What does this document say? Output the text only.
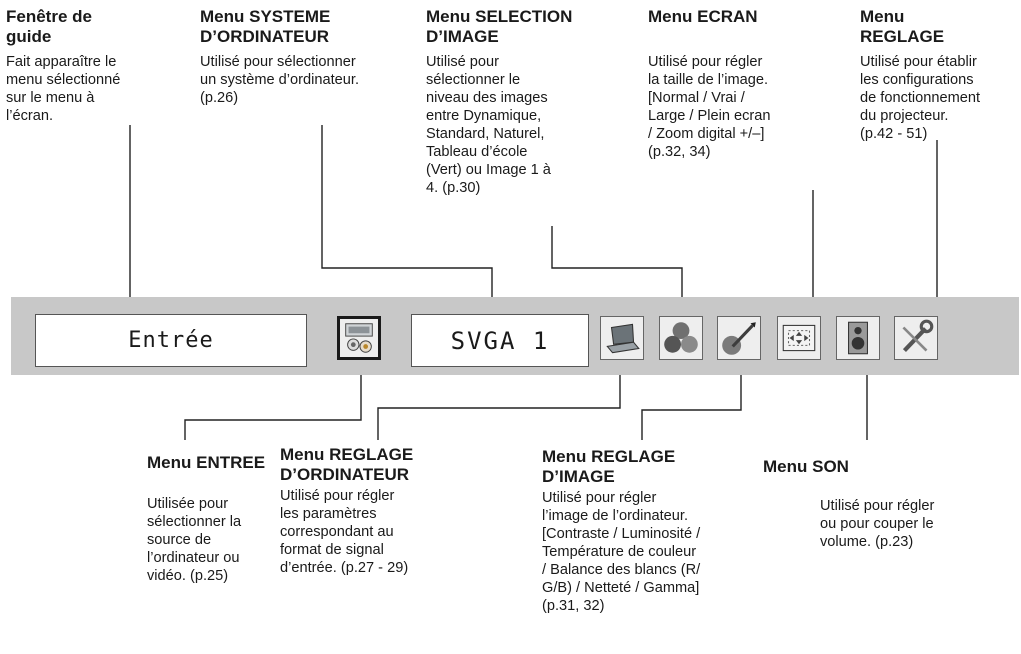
Fenêtre de
guide
Fait apparaître le
menu sélectionné
sur le menu à
l’écran.
Menu SYSTEME
D’ORDINATEUR
Utilisé pour sélectionner
un système d’ordinateur.
(p.26)
Menu SELECTION
D’IMAGE
Utilisé pour
sélectionner le
niveau des images
entre Dynamique,
Standard, Naturel,
Tableau d’école
(Vert) ou Image 1 à
4. (p.30)
Menu ECRAN
Utilisé pour régler
la taille de l’image.
[Normal / Vrai /
Large / Plein ecran
/ Zoom digital +/–]
(p.32, 34)
Menu
REGLAGE
Utilisé pour établir
les configurations
de fonctionnement
du projecteur.
(p.42 - 51)
Entrée	SVGA 1
Menu ENTREE
Utilisée pour
sélectionner la
source de
l’ordinateur ou
vidéo. (p.25)
Menu REGLAGE
D’ORDINATEUR
Utilisé pour régler
les paramètres
correspondant au
format de signal
d’entrée. (p.27 - 29)
Menu REGLAGE
D’IMAGE
Utilisé pour régler
l’image de l’ordinateur.
[Contraste / Luminosité /
Température de couleur
/ Balance des blancs (R/
G/B) / Netteté / Gamma]
(p.31, 32)
Menu SON
Utilisé pour régler
ou pour couper le
volume. (p.23)
